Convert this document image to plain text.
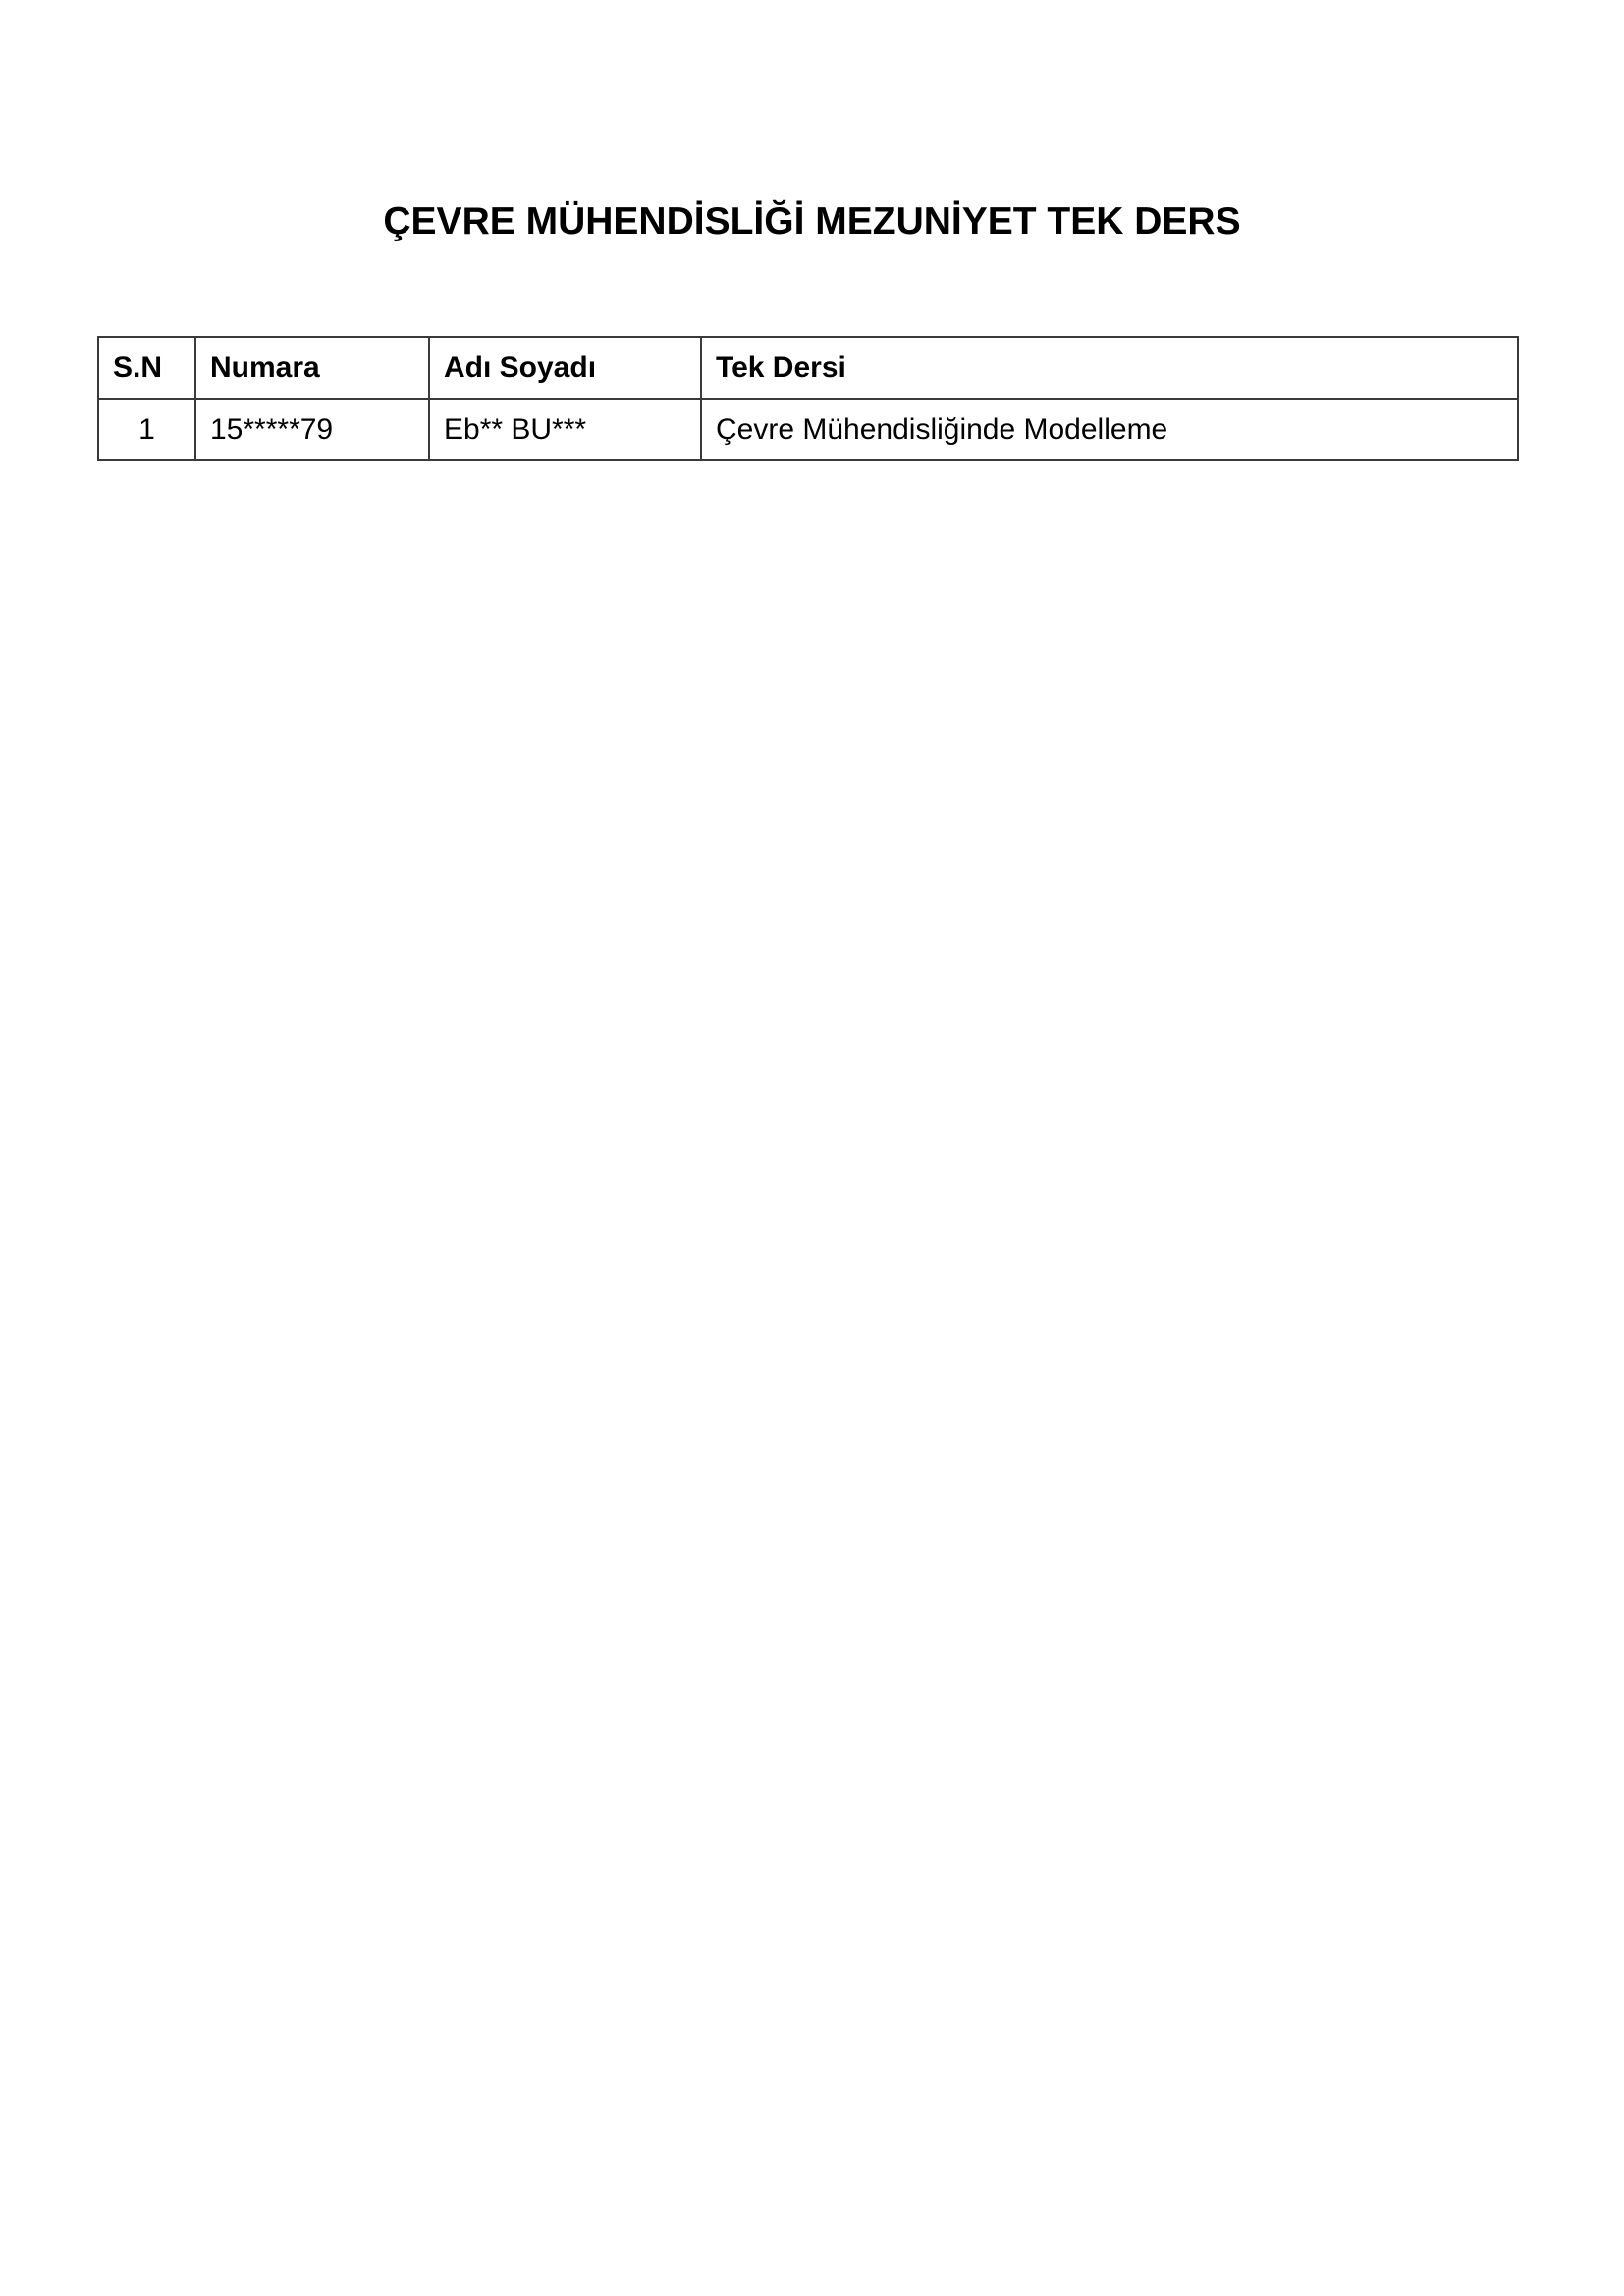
ÇEVRE MÜHENDİSLİĞİ MEZUNİYET TEK DERS
S.N	Numara	Adı Soyadı	Tek Dersi
1	15*****79	Eb** BU***	Çevre Mühendisliğinde Modelleme
